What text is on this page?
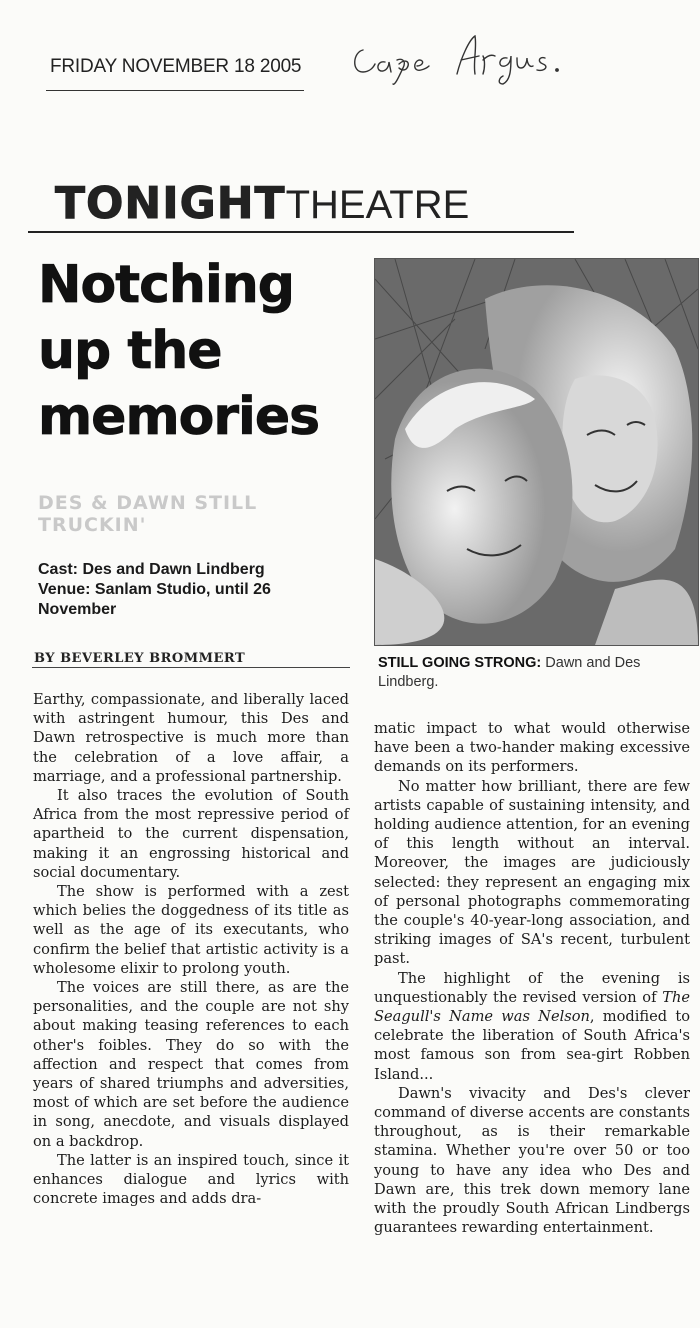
FRIDAY NOVEMBER 18 2005
TONIGHTTHEATRE
Notching
up the
memories
DES & DAWN STILL
TRUCKIN'
Cast: Des and Dawn Lindberg
Venue: Sanlam Studio, until 26
November
BY BEVERLEY BROMMERT	STILL GOING STRONG: Dawn and Des Lindberg.

Earthy, compassionate, and liberally laced with astringent humour, this Des and Dawn retrospective is much more than the celebration of a love affair, a marriage, and a professional partnership.

It also traces the evolution of South Africa from the most repressive period of apartheid to the current dispensation, making it an engrossing historical and social documentary.

The show is performed with a zest which belies the doggedness of its title as well as the age of its executants, who confirm the belief that artistic activity is a wholesome elixir to prolong youth.

The voices are still there, as are the personalities, and the couple are not shy about making teasing references to each other's foibles. They do so with the affection and respect that comes from years of shared triumphs and adversities, most of which are set before the audience in song, anecdote, and visuals displayed on a backdrop.

The latter is an inspired touch, since it enhances dialogue and lyrics with concrete images and adds dra-

matic impact to what would otherwise have been a two-hander making excessive demands on its performers.

No matter how brilliant, there are few artists capable of sustaining intensity, and holding audience attention, for an evening of this length without an interval. Moreover, the images are judiciously selected: they represent an engaging mix of personal photographs commemorating the couple's 40-year-long association, and striking images of SA's recent, turbulent past.

The highlight of the evening is unquestionably the revised version of The Seagull's Name was Nelson, modified to celebrate the liberation of South Africa's most famous son from sea-girt Robben Island...

Dawn's vivacity and Des's clever command of diverse accents are constants throughout, as is their remarkable stamina. Whether you're over 50 or too young to have any idea who Des and Dawn are, this trek down memory lane with the proudly South African Lindbergs guarantees rewarding entertainment.
